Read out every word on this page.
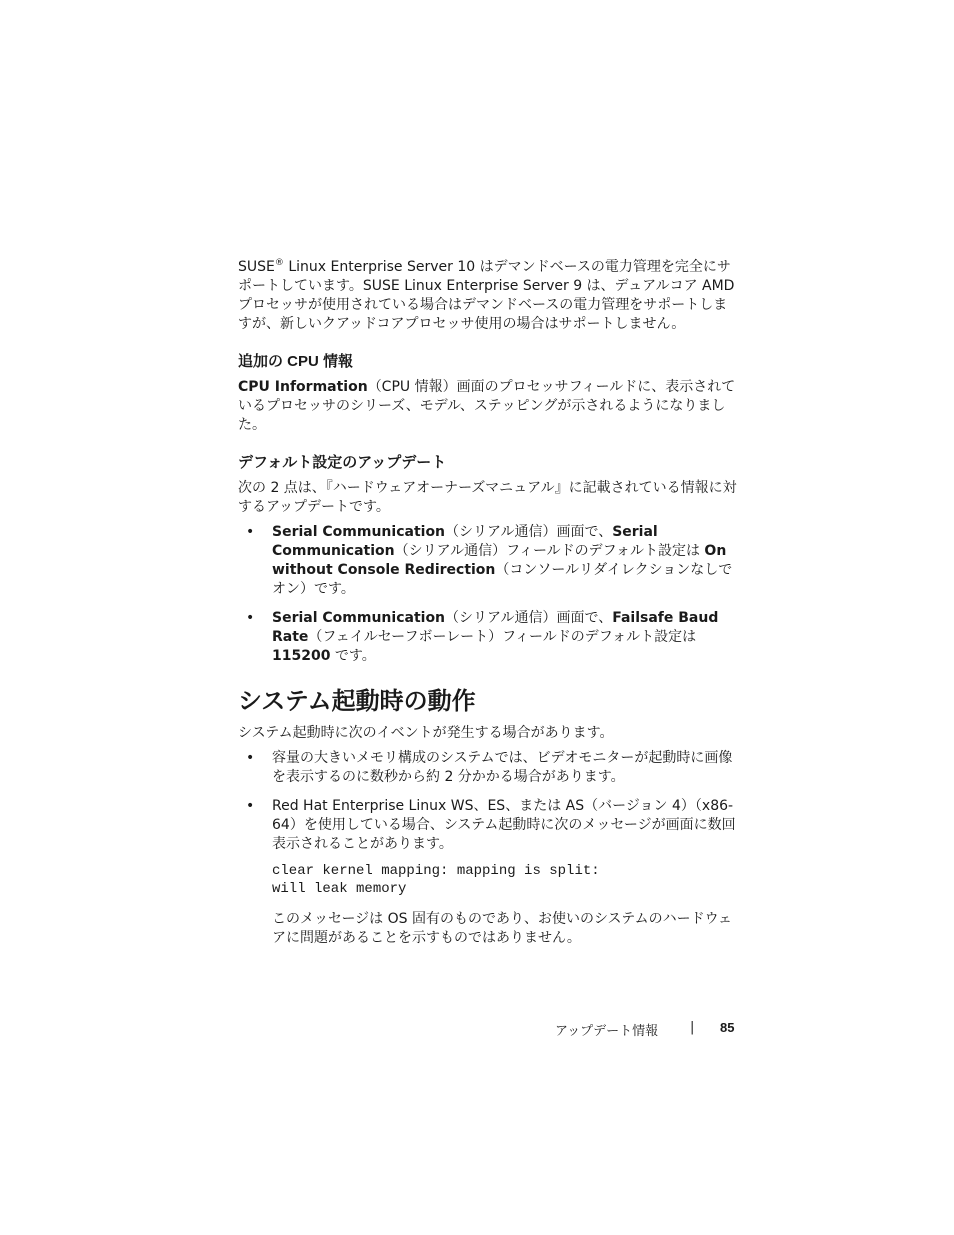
SUSE® Linux Enterprise Server 10 はデマンドベースの電力管理を完全にサポートしています。SUSE Linux Enterprise Server 9 は、デュアルコア AMD プロセッサが使用されている場合はデマンドベースの電力管理をサポートしますが、新しいクアッドコアプロセッサ使用の場合はサポートしません。

追加の CPU 情報

CPU Information（CPU 情報）画面のプロセッサフィールドに、表示されているプロセッサのシリーズ、モデル、ステッピングが示されるようになりました。

デフォルト設定のアップデート

次の 2 点は、『ハードウェアオーナーズマニュアル』に記載されている情報に対するアップデートです。

• Serial Communication（シリアル通信）画面で、Serial Communication（シリアル通信）フィールドのデフォルト設定は On without Console Redirection（コンソールリダイレクションなしでオン）です。
• Serial Communication（シリアル通信）画面で、Failsafe Baud Rate（フェイルセーフボーレート）フィールドのデフォルト設定は 115200 です。
システム起動時の動作

システム起動時に次のイベントが発生する場合があります。

• 容量の大きいメモリ構成のシステムでは、ビデオモニターが起動時に画像を表示するのに数秒から約 2 分かかる場合があります。
• Red Hat Enterprise Linux WS、ES、または AS（バージョン 4）（x86-64）を使用している場合、システム起動時に次のメッセージが画面に数回表示されることがあります。
clear kernel mapping: mapping is split:
will leak memory

このメッセージは OS 固有のものであり、お使いのシステムのハードウェアに問題があることを示すものではありません。

アップデート情報 | 85
